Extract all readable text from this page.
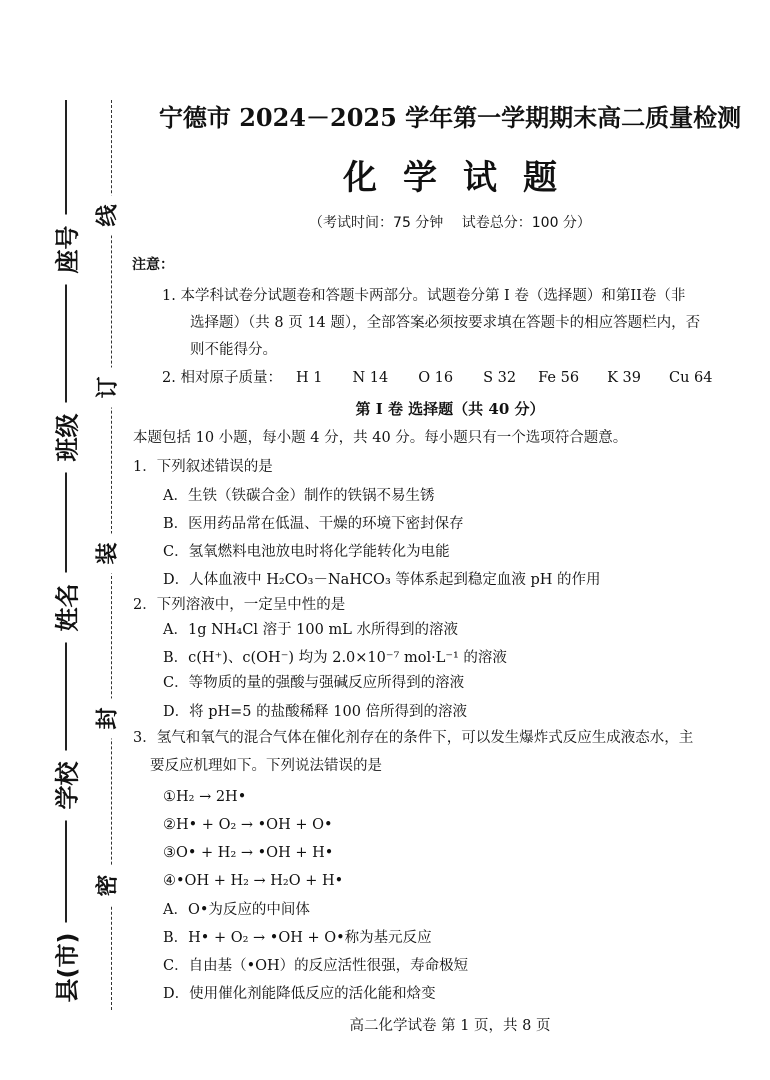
座号
班级
姓名
学校
县(市)
线
订
装
封
密
宁德市 2024－2025 学年第一学期期末高二质量检测
化学试题
（考试时间：75 分钟　 试卷总分：100 分）
注意：
1. 本学科试卷分试题卷和答题卡两部分。试题卷分第 I 卷（选择题）和第II卷（非
选择题）（共 8 页 14 题），全部答案必须按要求填在答题卡的相应答题栏内，否
则不能得分。
2. 相对原子质量： H 1 N 14 O 16 S 32 Fe 56 K 39 Cu 64
第 I 卷 选择题（共 40 分）
本题包括 10 小题，每小题 4 分，共 40 分。每小题只有一个选项符合题意。
1．下列叙述错误的是
A．生铁（铁碳合金）制作的铁锅不易生锈
B．医用药品常在低温、干燥的环境下密封保存
C．氢氧燃料电池放电时将化学能转化为电能
D．人体血液中 H₂CO₃－NaHCO₃ 等体系起到稳定血液 pH 的作用
2．下列溶液中，一定呈中性的是
A．1g NH₄Cl 溶于 100 mL 水所得到的溶液
B．c(H⁺)、c(OH⁻) 均为 2.0×10⁻⁷ mol·L⁻¹ 的溶液
C．等物质的量的强酸与强碱反应所得到的溶液
D．将 pH=5 的盐酸稀释 100 倍所得到的溶液
3．氢气和氧气的混合气体在催化剂存在的条件下，可以发生爆炸式反应生成液态水，主
要反应机理如下。下列说法错误的是
①H₂ → 2H•
②H• + O₂ → •OH + O•
③O• + H₂ → •OH + H•
④•OH + H₂ → H₂O + H•
A．O•为反应的中间体
B．H• + O₂ → •OH + O•称为基元反应
C．自由基（•OH）的反应活性很强，寿命极短
D．使用催化剂能降低反应的活化能和焓变
高二化学试卷 第 1 页，共 8 页
